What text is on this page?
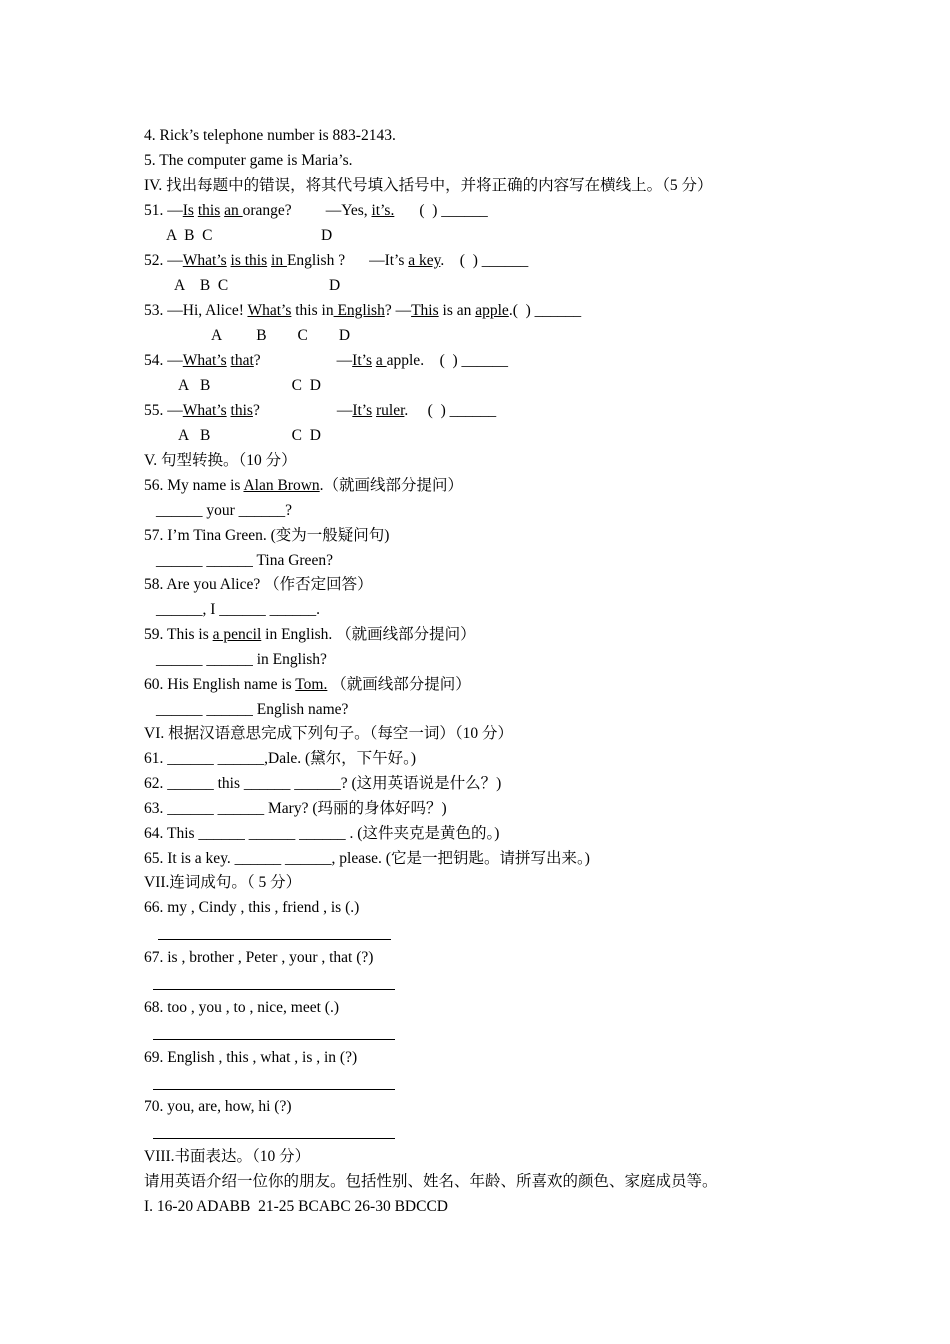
4. Rick’s telephone number is 883-2143.
5. The computer game is Maria’s.
IV. 找出每题中的错误，将其代号填入括号中，并将正确的内容写在横线上。（5 分）
51. —Is this an orange? —Yes, it’s. (  ) ______
A  B  C                            D
52. —What’s is this in English ? —It’s a key.    (  ) ______
A    B  C                          D
53. —Hi, Alice! What’s this in English? —This is an apple.(  ) ______
A         B        C        D
54. —What’s that?	—It’s a apple.    (  ) ______
A   B                     C  D
55. —What’s this?	—It’s ruler.     (  ) ______
A   B                     C  D
V. 句型转换。（10 分）
56. My name is Alan Brown.（就画线部分提问）
______ your ______?
57. I’m Tina Green. (变为一般疑问句)
______ ______ Tina Green?
58. Are you Alice? （作否定回答）
______, I ______ ______.
59. This is a pencil in English. （就画线部分提问）
______ ______ in English?
60. His English name is Tom. （就画线部分提问）
______ ______ English name?
VI. 根据汉语意思完成下列句子。（每空一词）（10 分）
61. ______ ______,Dale. (黛尔，下午好。)
62. ______ this ______ ______? (这用英语说是什么？)
63. ______ ______ Mary? (玛丽的身体好吗？)
64. This ______ ______ ______ . (这件夹克是黄色的。)
65. It is a key. ______ ______, please. (它是一把钥匙。请拼写出来。)
VII.连词成句。（ 5 分）
66. my , Cindy , this , friend , is (.)
67. is , brother , Peter , your , that (?)
68. too , you , to , nice, meet (.)
69. English , this , what , is , in (?)
70. you, are, how, hi (?)
VIII.书面表达。（10 分）
请用英语介绍一位你的朋友。包括性别、姓名、年龄、所喜欢的颜色、家庭成员等。
I. 16-20 ADABB  21-25 BCABC 26-30 BDCCD
